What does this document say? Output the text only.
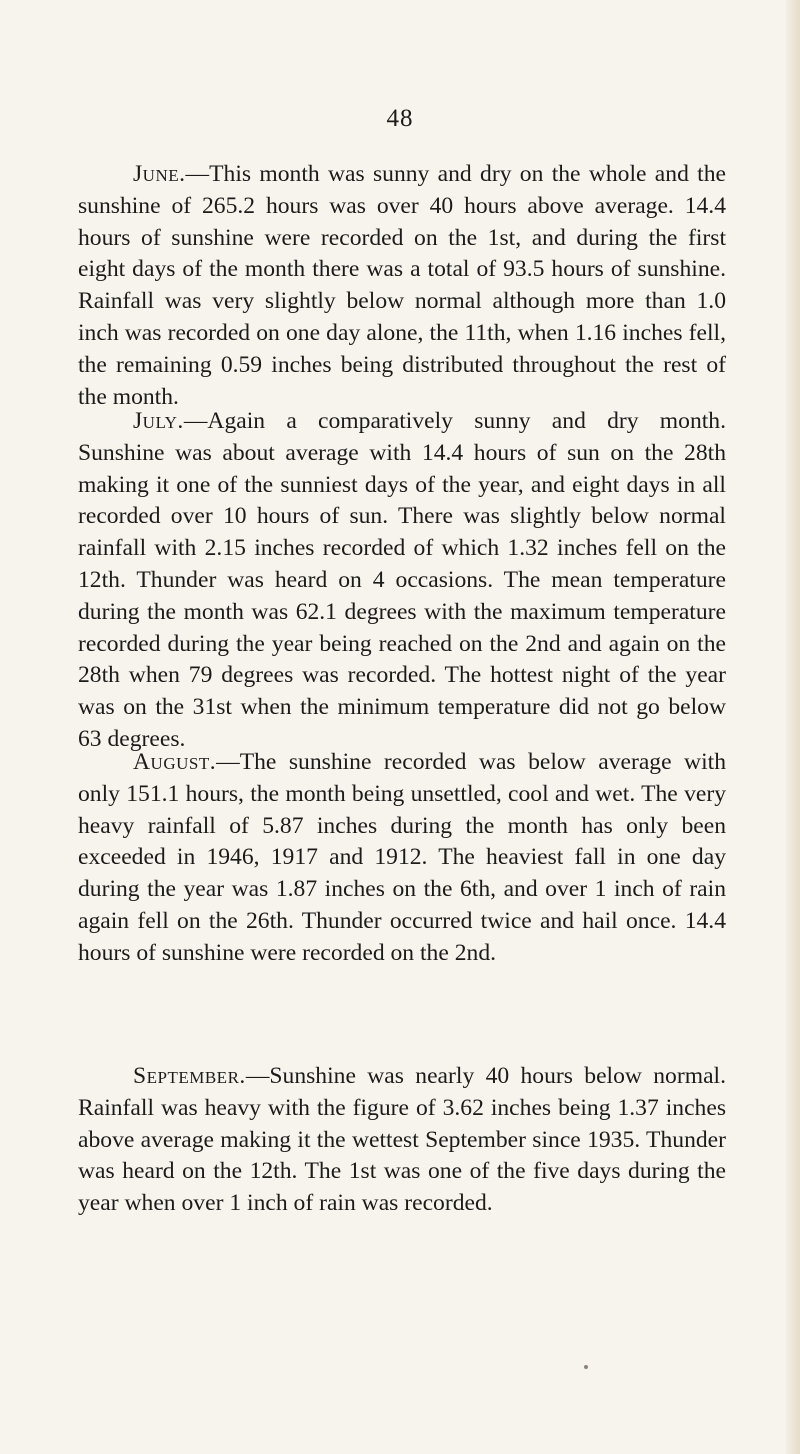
48

June.—This month was sunny and dry on the whole and the sunshine of 265.2 hours was over 40 hours above average. 14.4 hours of sunshine were recorded on the 1st, and during the first eight days of the month there was a total of 93.5 hours of sunshine. Rainfall was very slightly below normal although more than 1.0 inch was recorded on one day alone, the 11th, when 1.16 inches fell, the remaining 0.59 inches being distributed throughout the rest of the month.

July.—Again a comparatively sunny and dry month. Sunshine was about average with 14.4 hours of sun on the 28th making it one of the sunniest days of the year, and eight days in all recorded over 10 hours of sun. There was slightly below normal rainfall with 2.15 inches recorded of which 1.32 inches fell on the 12th. Thunder was heard on 4 occasions. The mean temperature during the month was 62.1 degrees with the maximum temperature recorded during the year being reached on the 2nd and again on the 28th when 79 degrees was recorded. The hottest night of the year was on the 31st when the minimum temperature did not go below 63 degrees.

August.—The sunshine recorded was below average with only 151.1 hours, the month being unsettled, cool and wet. The very heavy rainfall of 5.87 inches during the month has only been exceeded in 1946, 1917 and 1912. The heaviest fall in one day during the year was 1.87 inches on the 6th, and over 1 inch of rain again fell on the 26th. Thunder occurred twice and hail once. 14.4 hours of sunshine were recorded on the 2nd.

September.—Sunshine was nearly 40 hours below normal. Rainfall was heavy with the figure of 3.62 inches being 1.37 inches above average making it the wettest September since 1935. Thunder was heard on the 12th. The 1st was one of the five days during the year when over 1 inch of rain was recorded.
